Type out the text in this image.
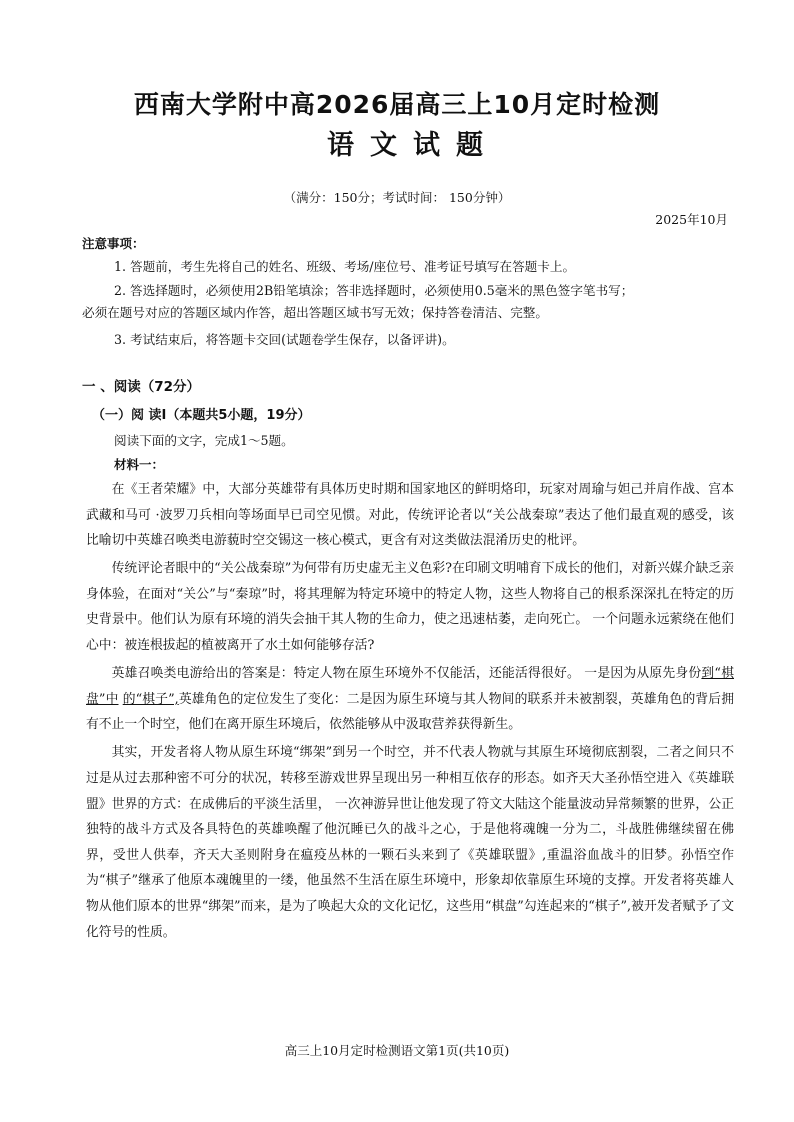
西南大学附中高2026届高三上10月定时检测
语文试题
（满分：150分；考试时间： 150分钟）
2025年10月
注意事项：
1. 答题前，考生先将自己的姓名、班级、考场/座位号、准考证号填写在答题卡上。
2. 答选择题时，必须使用2B铅笔填涂；答非选择题时，必须使用0.5毫米的黑色签字笔书写；
必须在题号对应的答题区域内作答，超出答题区域书写无效；保持答卷清洁、完整。
3. 考试结束后，将答题卡交回(试题卷学生保存，以备评讲)。
一 、阅读（72分）
（一）阅 读I（本题共5小题，19分）
阅读下面的文字，完成1～5题。
材料一：

在《王者荣耀》中，大部分英雄带有具体历史时期和国家地区的鲜明烙印，玩家对周瑜与妲己并肩作战、宫本武藏和马可 ·波罗刀兵相向等场面早已司空见惯。对此，传统评论者以“关公战秦琼”表达了他们最直观的感受，该比喻切中英雄召唤类电游藐时空交锡这一核心模式，更含有对这类做法混淆历史的枇评。

传统评论者眼中的“关公战秦琼”为何带有历史虚无主义色彩?在印刷文明哺育下成长的他们，对新兴媒介缺乏亲身体验，在面对“关公”与“秦琼”时，将其理解为特定环境中的特定人物，这些人物将自己的根系深深扎在特定的历史背景中。他们认为原有环境的消失会抽干其人物的生命力，使之迅速枯萎，走向死亡。 一个问题永远萦绕在他们心中：被连根拔起的植被离开了水土如何能够存活?

英雄召唤类电游给出的答案是：特定人物在原生环境外不仅能活，还能活得很好。 一是因为从原先身份到“棋盘”中 的“棋子”,英雄角色的定位发生了变化：二是因为原生环境与其人物间的联系并未被割裂，英雄角色的背后拥有不止一个时空，他们在离开原生环境后，依然能够从中汲取营养获得新生。

其实，开发者将人物从原生环境“绑架”到另一个时空，并不代表人物就与其原生环境彻底割裂，二者之间只不过是从过去那种密不可分的状况，转移至游戏世界呈现出另一种相互依存的形态。如齐天大圣孙悟空进入《英雄联盟》世界的方式：在成佛后的平淡生活里， 一次神游异世让他发现了符文大陆这个能量波动异常频繁的世界，公正独特的战斗方式及各具特色的英雄唤醒了他沉睡已久的战斗之心，于是他将魂魄一分为二，斗战胜佛继续留在佛界，受世人供奉，齐天大圣则附身在瘟疫丛林的一颗石头来到了《英雄联盟》,重温浴血战斗的旧梦。孙悟空作为“棋子”继承了他原本魂魄里的一缕，他虽然不生活在原生环境中，形象却依靠原生环境的支撑。开发者将英雄人物从他们原本的世界“绑架”而来，是为了唤起大众的文化记忆，这些用“棋盘”勾连起来的“棋子”,被开发者赋予了文化符号的性质。

高三上10月定时检测语文第1页(共10页)
